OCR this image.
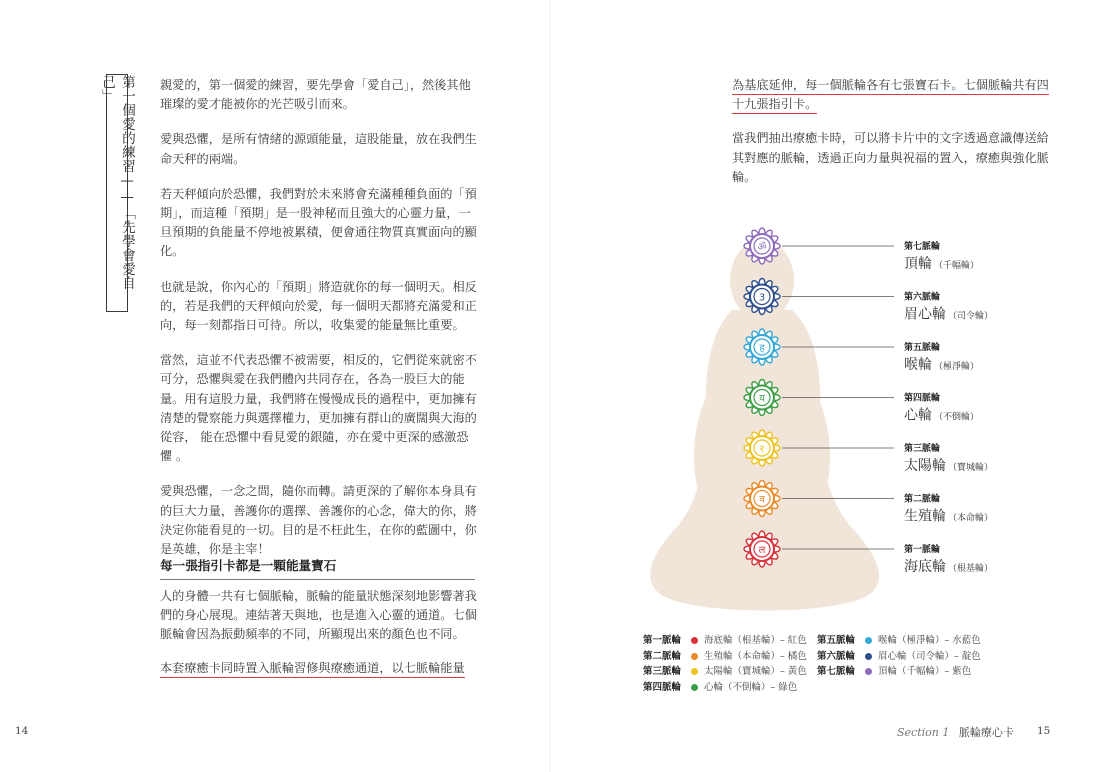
第一個愛的練習——「先學會愛自己」	親愛的，第一個愛的練習，要先學會「愛自己」，然後其他璀璨的愛才能被你的光芒吸引而來。

愛與恐懼，是所有情緒的源頭能量，這股能量，放在我們生命天秤的兩端。

若天秤傾向於恐懼，我們對於未來將會充滿種種負面的「預期」，而這種「預期」是一股神秘而且強大的心靈力量，一旦預期的負能量不停地被累積，便會通往物質真實面向的顯化。

也就是說，你內心的「預期」將造就你的每一個明天。相反的，若是我們的天秤傾向於愛，每一個明天都將充滿愛和正向，每一刻都指日可待。所以，收集愛的能量無比重要。

當然，這並不代表恐懼不被需要，相反的，它們從來就密不可分，恐懼與愛在我們體內共同存在，各為一股巨大的能量。用有這股力量，我們將在慢慢成長的過程中，更加擁有清楚的覺察能力與選擇權力，更加擁有群山的廣闊與大海的從容， 能在恐懼中看見愛的銀隨，亦在愛中更深的感激恐懼 。

愛與恐懼，一念之間，隨你而轉。請更深的了解你本身具有的巨大力量，善護你的選擇、善護你的心念，偉大的你，將決定你能看見的一切。目的是不枉此生，在你的藍圖中，你是英雄，你是主宰！

每一張指引卡都是一顆能量寶石

人的身體一共有七個脈輪，脈輪的能量狀態深刻地影響著我們的身心展現。連結著天與地，也是進入心靈的通道。七個脈輪會因為振動頻率的不同，所顯現出來的顏色也不同。

本套療癒卡同時置入脈輪習修與療癒通道，以七脈輪能量

14

為基底延伸，每一個脈輪各有七張寶石卡。七個脈輪共有四十九張指引卡。

當我們抽出療癒卡時，可以將卡片中的文字透過意識傳送給其對應的脈輪，透過正向力量與祝福的置入，療癒與強化脈輪。

ॐ	第七脈輪
頂輪 （千幅輪）
3	第六脈輪
眉心輪 （司令輪）
ह	第五脈輪
喉輪 （極淨輪）
य	第四脈輪
心輪 （不倒輪）
र	第三脈輪
太陽輪 （寶城輪）
व	第二脈輪
生殖輪 （本命輪）
ल	第一脈輪
海底輪 （根基輪）
第一脈輪	海底輪（根基輪）– 紅色
第二脈輪	生殖輪（本命輪）– 橘色
第三脈輪	太陽輪（寶城輪）– 黃色
第四脈輪	心輪（不倒輪）– 綠色
第五脈輪	喉輪（極淨輪）– 水藍色
第六脈輪	眉心輪（司令輪）– 靛色
第七脈輪	頂輪（千幅輪）– 紫色
Section 1 脈輪療心卡 15
